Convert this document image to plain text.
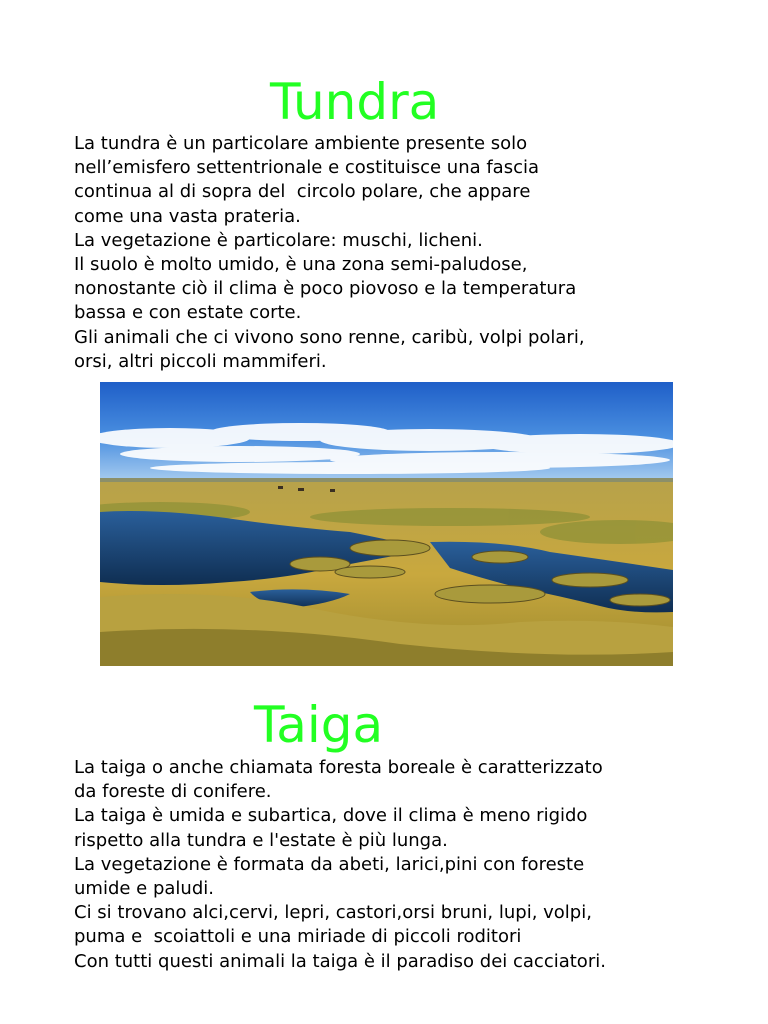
Tundra
La tundra è un particolare ambiente presente solo
nell’emisfero settentrionale e costituisce una fascia
continua al di sopra del  circolo polare, che appare
come una vasta prateria.
La vegetazione è particolare: muschi, licheni.
Il suolo è molto umido, è una zona semi-paludose,
nonostante ciò il clima è poco piovoso e la temperatura
bassa e con estate corte.
Gli animali che ci vivono sono renne, caribù, volpi polari,
orsi, altri piccoli mammiferi.
Taiga
La taiga o anche chiamata foresta boreale è caratterizzato
da foreste di conifere.
La taiga è umida e subartica, dove il clima è meno rigido
rispetto alla tundra e l'estate è più lunga.
La vegetazione è formata da abeti, larici,pini con foreste
umide e paludi.
Ci si trovano alci,cervi, lepri, castori,orsi bruni, lupi, volpi,
puma e  scoiattoli e una miriade di piccoli roditori
Con tutti questi animali la taiga è il paradiso dei cacciatori.
